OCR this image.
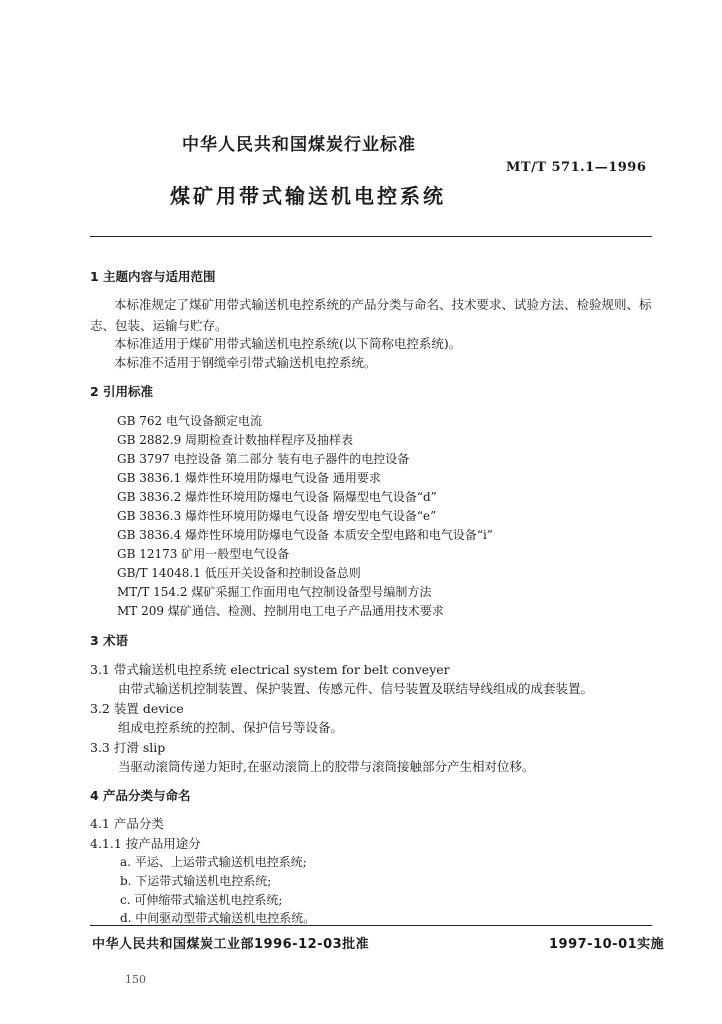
中华人民共和国煤炭行业标准
MT/T 571.1—1996
煤矿用带式输送机电控系统
1 主题内容与适用范围
本标准规定了煤矿用带式输送机电控系统的产品分类与命名、技术要求、试验方法、检验规则、标
志、包装、运输与贮存。
本标准适用于煤矿用带式输送机电控系统(以下简称电控系统)。
本标准不适用于钢缆牵引带式输送机电控系统。
2 引用标准
GB 762 电气设备额定电流
GB 2882.9 周期检查计数抽样程序及抽样表
GB 3797 电控设备 第二部分 装有电子器件的电控设备
GB 3836.1 爆炸性环境用防爆电气设备 通用要求
GB 3836.2 爆炸性环境用防爆电气设备 隔爆型电气设备“d”
GB 3836.3 爆炸性环境用防爆电气设备 增安型电气设备“e”
GB 3836.4 爆炸性环境用防爆电气设备 本质安全型电路和电气设备“i”
GB 12173 矿用一般型电气设备
GB/T 14048.1 低压开关设备和控制设备总则
MT/T 154.2 煤矿采掘工作面用电气控制设备型号编制方法
MT 209 煤矿通信、检测、控制用电工电子产品通用技术要求
3 术语
3.1 带式输送机电控系统 electrical system for belt conveyer
由带式输送机控制装置、保护装置、传感元件、信号装置及联结导线组成的成套装置。
3.2 装置 device
组成电控系统的控制、保护信号等设备。
3.3 打滑 slip
当驱动滚筒传递力矩时,在驱动滚筒上的胶带与滚筒接触部分产生相对位移。
4 产品分类与命名
4.1 产品分类
4.1.1 按产品用途分
a. 平运、上运带式输送机电控系统;
b. 下运带式输送机电控系统;
c. 可伸缩带式输送机电控系统;
d. 中间驱动型带式输送机电控系统。
中华人民共和国煤炭工业部1996-12-03批准	1997-10-01实施
150
